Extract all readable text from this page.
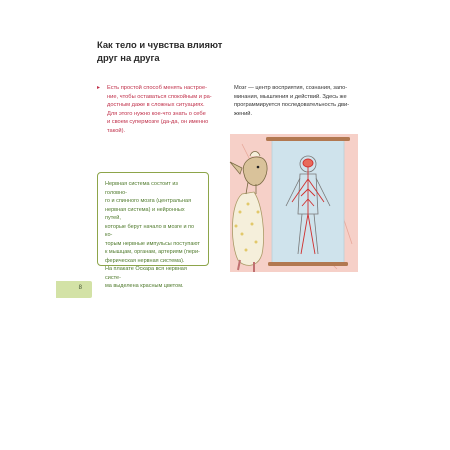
Как тело и чувства влияют
друг на друга
▸	Есть простой способ менять настрое-
ние, чтобы оставаться спокойным и ра-
достным даже в сложных ситуациях.
Для этого нужно кое-что знать о себе
и своем супермозге (да-да, он именно
такой).
Мозг — центр восприятия, сознания, запо-
минания, мышления и действий. Здесь же
программируется последовательность дви-
жений.

Нервная система состоит из головно-

го и спинного мозга (центральная

нервная система) и нейронных путей,

которые берут начало в мозге и по ко-

торым нервные импульсы поступают

к мышцам, органам, артериям (пери-

ферическая нервная система).

На плакате Оскара вся нервная систе-

ма выделена красным цветом.

8
